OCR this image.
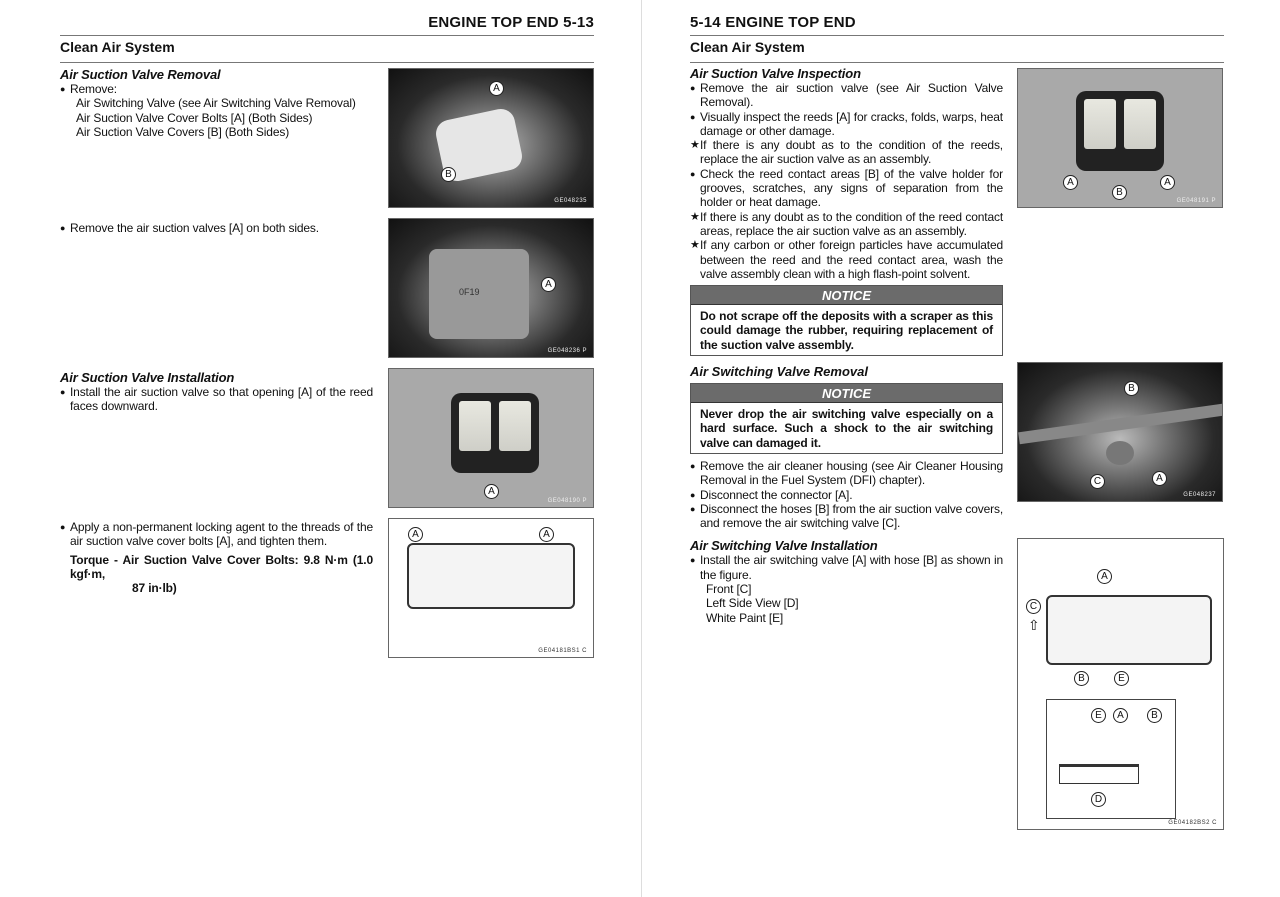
ENGINE TOP END 5-13
Clean Air System
Air Suction Valve Removal
● Remove:
Air Switching Valve (see Air Switching Valve Removal)
Air Suction Valve Cover Bolts [A] (Both Sides)
Air Suction Valve Covers [B] (Both Sides)
● Remove the air suction valves [A] on both sides.
Air Suction Valve Installation
● Install the air suction valve so that opening [A] of the reed faces downward.
● Apply a non-permanent locking agent to the threads of the air suction valve cover bolts [A], and tighten them.
Torque - Air Suction Valve Cover Bolts: 9.8 N·m (1.0 kgf·m,
87 in·lb)
A
B
GE048235
0F19
A
GE048236 P
A
GE048190 P
A	A
GE04181BS1 C
5-14 ENGINE TOP END
Clean Air System
Air Suction Valve Inspection
● Remove the air suction valve (see Air Suction Valve Removal).
● Visually inspect the reeds [A] for cracks, folds, warps, heat damage or other damage.
★ If there is any doubt as to the condition of the reeds, replace the air suction valve as an assembly.
● Check the reed contact areas [B] of the valve holder for grooves, scratches, any signs of separation from the holder or heat damage.
★ If there is any doubt as to the condition of the reed contact areas, replace the air suction valve as an assembly.
★ If any carbon or other foreign particles have accumulated between the reed and the reed contact area, wash the valve assembly clean with a high flash-point solvent.
NOTICE
Do not scrape off the deposits with a scraper as this could damage the rubber, requiring replacement of the suction valve assembly.
Air Switching Valve Removal
NOTICE
Never drop the air switching valve especially on a hard surface. Such a shock to the air switching valve can damaged it.
● Remove the air cleaner housing (see Air Cleaner Housing Removal in the Fuel System (DFI) chapter).
● Disconnect the connector [A].
● Disconnect the hoses [B] from the air suction valve covers, and remove the air switching valve [C].
Air Switching Valve Installation
● Install the air switching valve [A] with hose [B] as shown in the figure.
Front [C]
Left Side View [D]
White Paint [E]
A
B
A
GE048191 P
B
C	A
GE048237
A
C
⇧
B	E
E	A	B
D
GE04182BS2 C
